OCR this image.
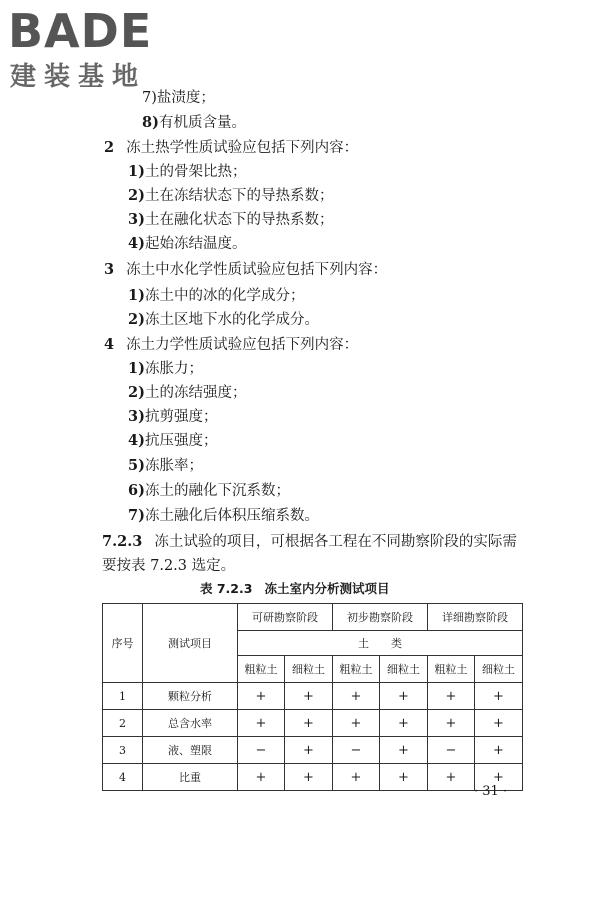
BADE
建装基地
7)盐渍度；
8)有机质含量。
2 冻土热学性质试验应包括下列内容：
1)土的骨架比热；
2)土在冻结状态下的导热系数；
3)土在融化状态下的导热系数；
4)起始冻结温度。
3 冻土中水化学性质试验应包括下列内容：
1)冻土中的冰的化学成分；
2)冻土区地下水的化学成分。
4 冻土力学性质试验应包括下列内容：
1)冻胀力；
2)土的冻结强度；
3)抗剪强度；
4)抗压强度；
5)冻胀率；
6)冻土的融化下沉系数；
7)冻土融化后体积压缩系数。
7.2.3 冻土试验的项目，可根据各工程在不同勘察阶段的实际需
要按表 7.2.3 选定。
表 7.2.3 冻土室内分析测试项目
序号	测试项目	可研勘察阶段		初步勘察阶段		详细勘察阶段	
		土　　类					
		粗粒土	细粒土	粗粒土	细粒土	粗粒土	细粒土
1	颗粒分析	+	+	+	+	+	+
2	总含水率	+	+	+	+	+	+
3	液、塑限	−	+	−	+	−	+
4	比重	+	+	+	+	+	+
· 31 ·
